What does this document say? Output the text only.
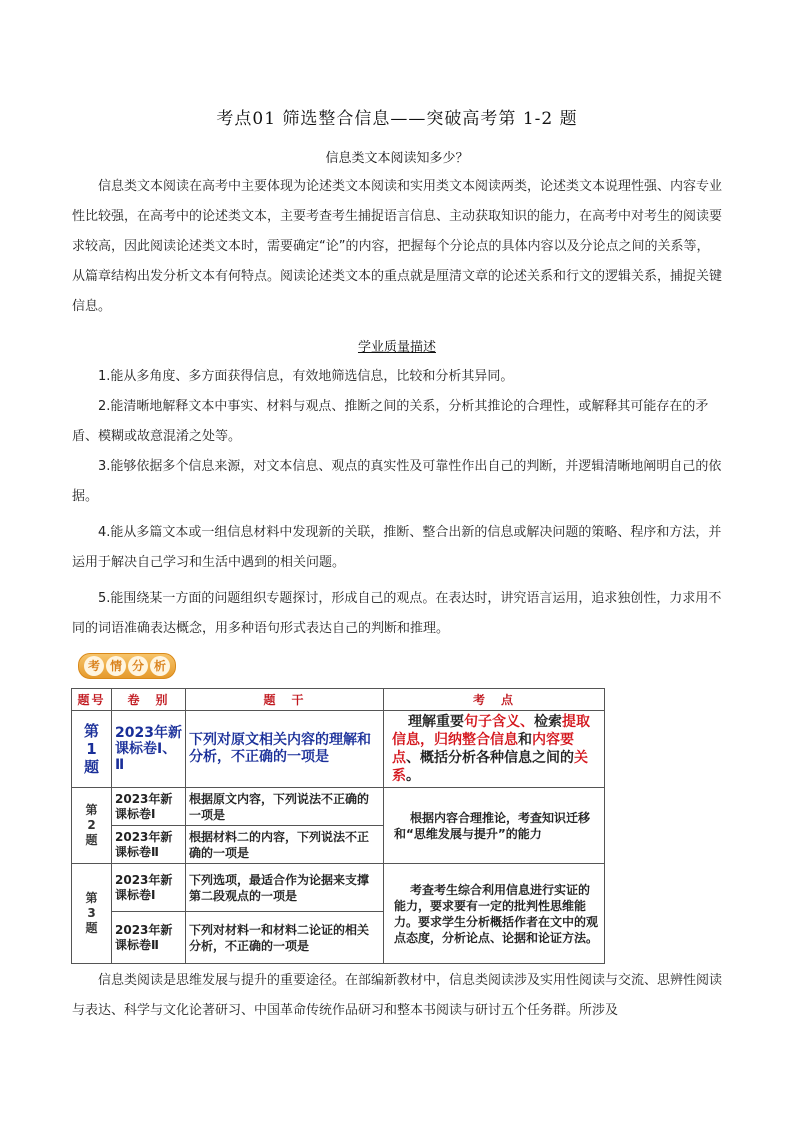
考点01 筛选整合信息——突破高考第 1-2 题
信息类文本阅读知多少？
信息类文本阅读在高考中主要体现为论述类文本阅读和实用类文本阅读两类，论述类文本说理性强、内容专业性比较强，在高考中的论述类文本，主要考查考生捕捉语言信息、主动获取知识的能力，在高考中对考生的阅读要求较高，因此阅读论述类文本时，需要确定“论”的内容，把握每个分论点的具体内容以及分论点之间的关系等，从篇章结构出发分析文本有何特点。阅读论述类文本的重点就是厘清文章的论述关系和行文的逻辑关系，捕捉关键信息。
学业质量描述
1.能从多角度、多方面获得信息，有效地筛选信息，比较和分析其异同。
2.能清晰地解释文本中事实、材料与观点、推断之间的关系，分析其推论的合理性，或解释其可能存在的矛盾、模糊或故意混淆之处等。
3.能够依据多个信息来源，对文本信息、观点的真实性及可靠性作出自己的判断，并逻辑清晰地阐明自己的依据。
4.能从多篇文本或一组信息材料中发现新的关联，推断、整合出新的信息或解决问题的策略、程序和方法，并运用于解决自己学习和生活中遇到的相关问题。
5.能围绕某一方面的问题组织专题探讨，形成自己的观点。在表达时，讲究语言运用，追求独创性，力求用不同的词语准确表达概念，用多种语句形式表达自己的判断和推理。
考 情 分 析
题号	卷　别	题　干	考　点
第
1
题	2023年新课标卷Ⅰ、Ⅱ	下列对原文相关内容的理解和分析，不正确的一项是	理解重要句子含义、检索提取信息，归纳整合信息和内容要点、概括分析各种信息之间的关系。
第
2
题	2023年新课标卷Ⅰ	根据原文内容，下列说法不正确的一项是	根据内容合理推论，考查知识迁移和“思维发展与提升”的能力

	2023年新课标卷Ⅱ	根据材料二的内容，下列说法不正确的一项是	
第
3
题	2023年新课标卷Ⅰ	下列选项，最适合作为论据来支撑第二段观点的一项是	考查考生综合利用信息进行实证的能力，要求要有一定的批判性思维能力。要求学生分析概括作者在文中的观点态度，分析论点、论据和论证方法。

	2023年新课标卷Ⅱ	下列对材料一和材料二论证的相关分析，不正确的一项是	
信息类阅读是思维发展与提升的重要途径。在部编新教材中，信息类阅读涉及实用性阅读与交流、思辨性阅读与表达、科学与文化论著研习、中国革命传统作品研习和整本书阅读与研讨五个任务群。所涉及
